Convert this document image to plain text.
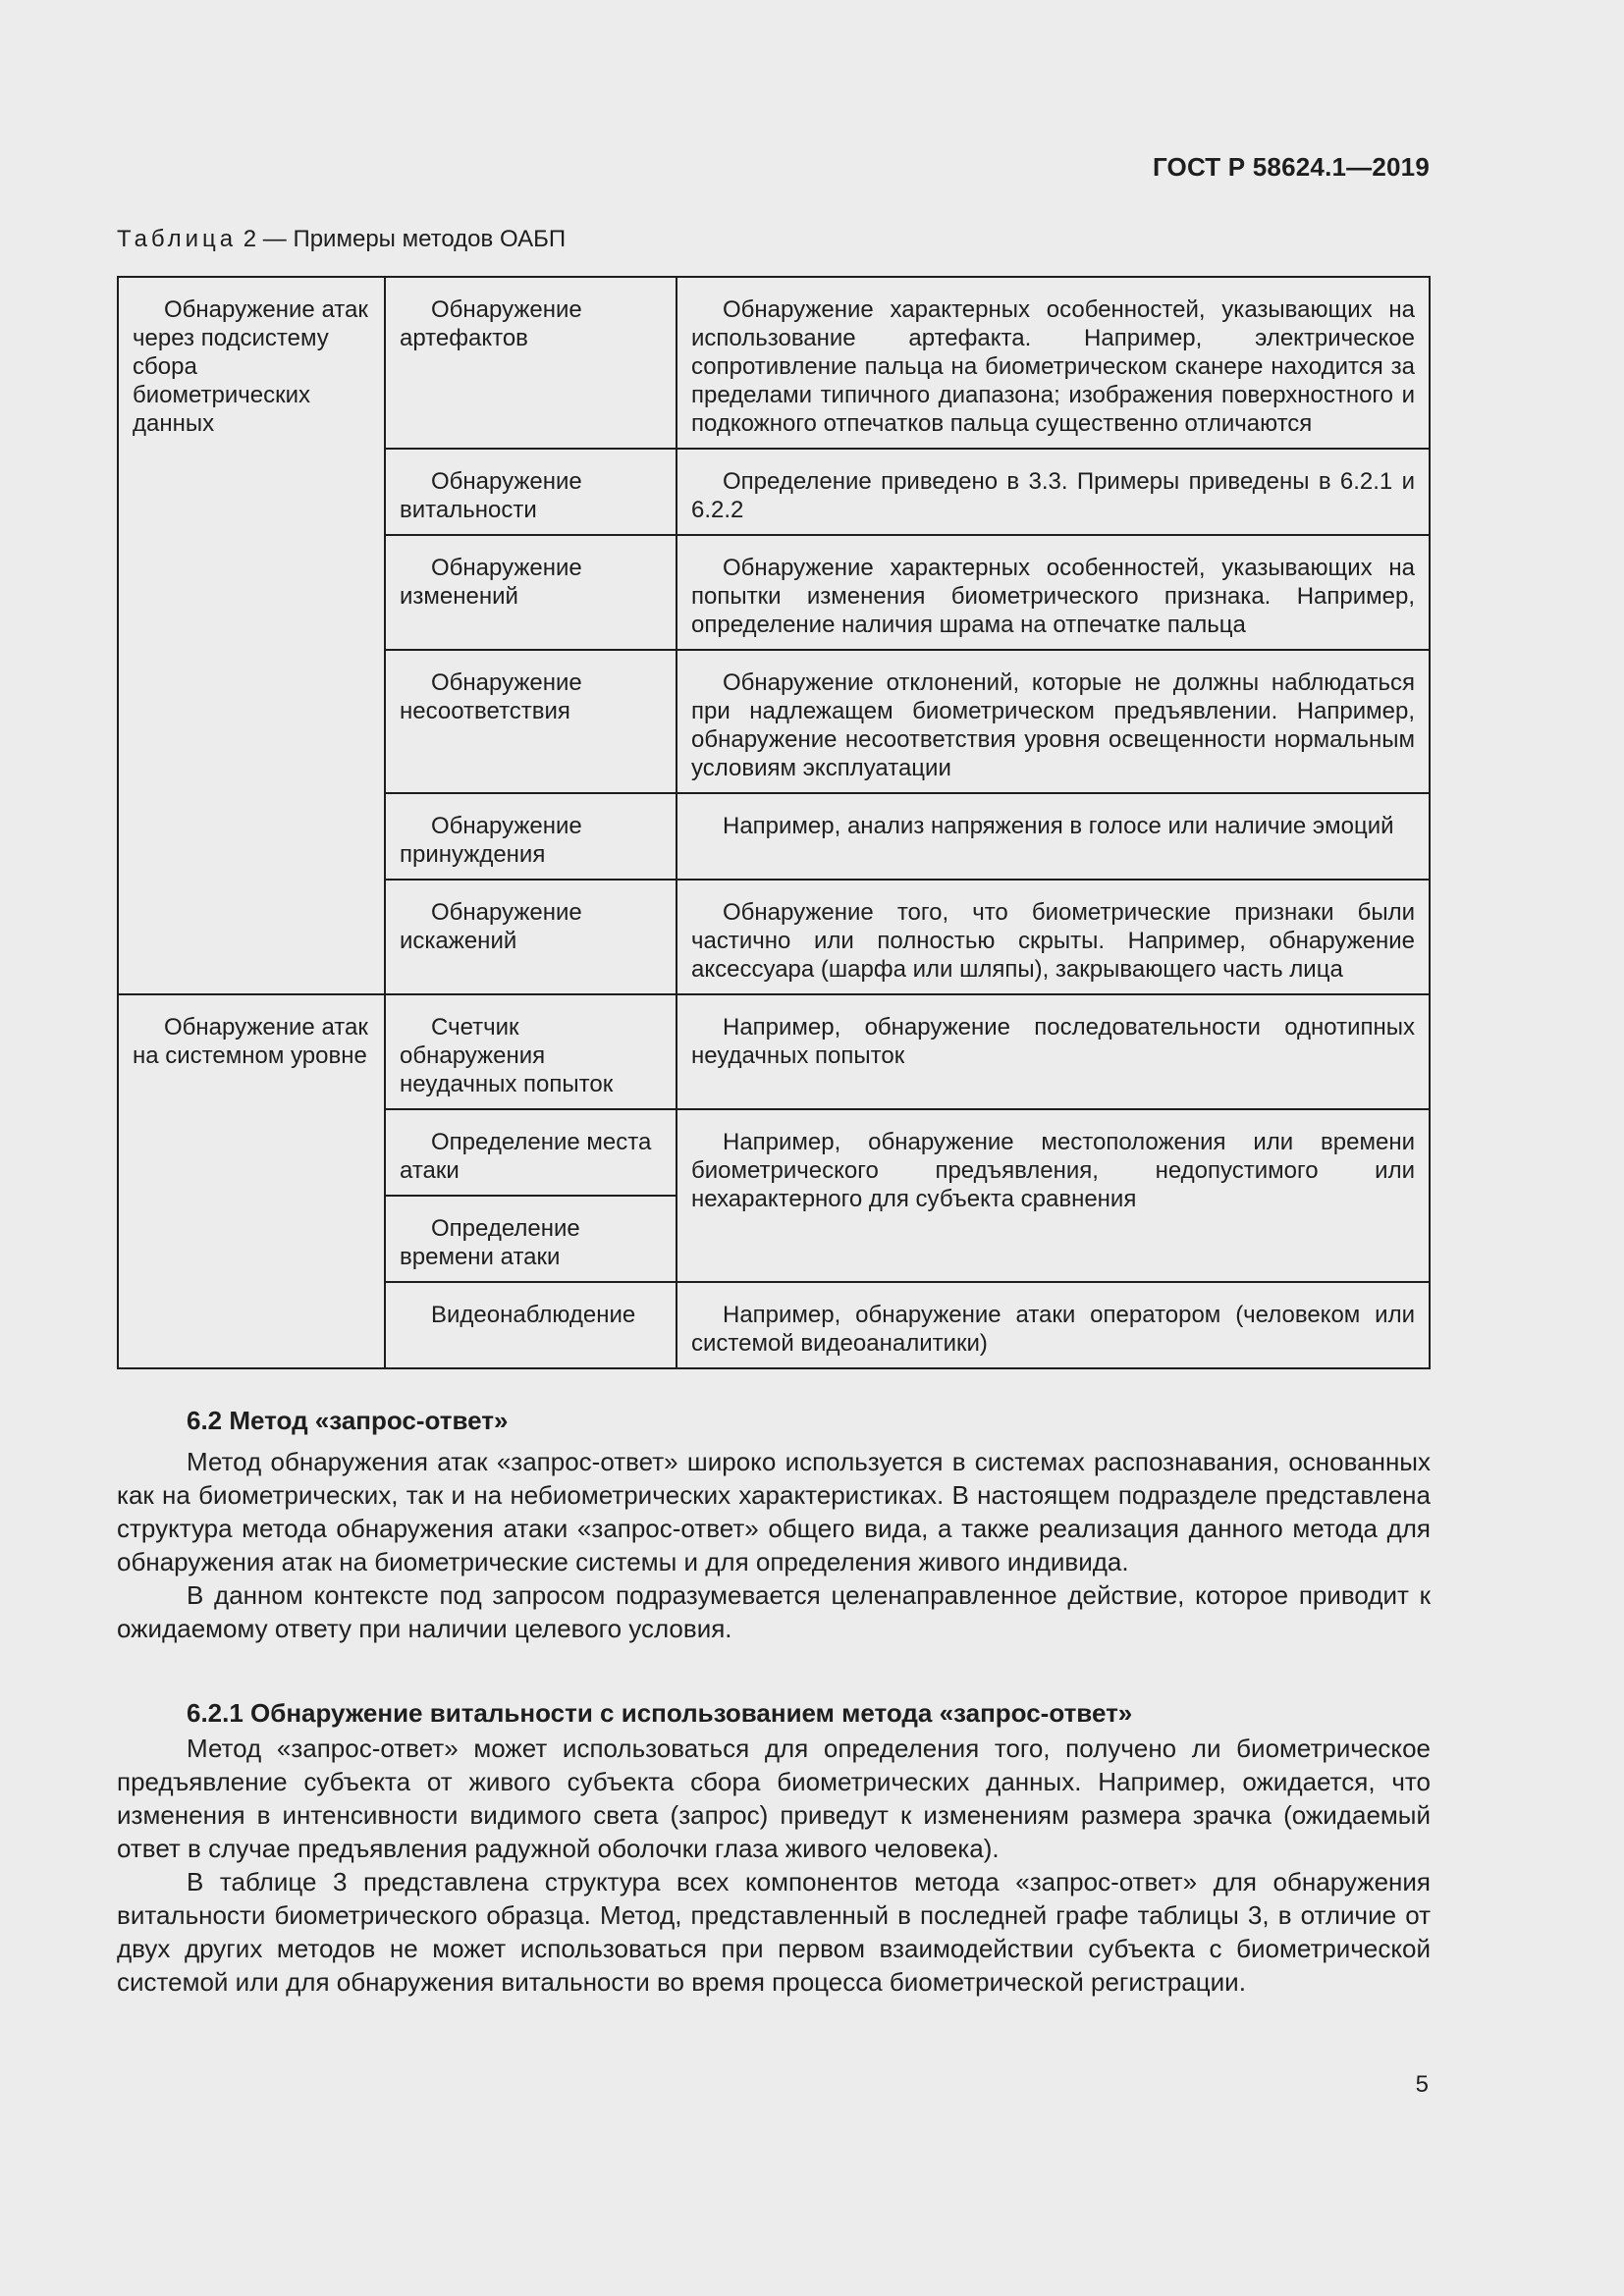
ГОСТ Р 58624.1—2019
Таблица 2 — Примеры методов ОАБП
Обнаружение атак через подсистему сбора биометрических данных	Обнаружение артефактов	Обнаружение характерных особенностей, указывающих на использование артефакта. Например, электрическое сопротивление пальца на биометрическом сканере находится за пределами типичного диапазона; изображения поверхностного и подкожного отпечатков пальца существенно отличаются

	Обнаружение витальности	Определение приведено в 3.3. Примеры приведены в 6.2.1 и 6.2.2

	Обнаружение изменений	Обнаружение характерных особенностей, указывающих на попытки изменения биометрического признака. Например, определение наличия шрама на отпечатке пальца

	Обнаружение несоответствия	Обнаружение отклонений, которые не должны наблюдаться при надлежащем биометрическом предъявлении. Например, обнаружение несоответствия уровня освещенности нормальным условиям эксплуатации

	Обнаружение принуждения	Например, анализ напряжения в голосе или наличие эмоций

	Обнаружение искажений	Обнаружение того, что биометрические признаки были частично или полностью скрыты. Например, обнаружение аксессуара (шарфа или шляпы), закрывающего часть лица

Обнаружение атак на системном уровне	Счетчик обнаружения неудачных попыток	Например, обнаружение последовательности однотипных неудачных попыток

	Определение места атаки	Например, обнаружение местоположения или времени биометрического предъявления, недопустимого или нехарактерного для субъекта сравнения

	Определение времени атаки	

	Видеонаблюдение	Например, обнаружение атаки оператором (человеком или системой видеоаналитики)
6.2 Метод «запрос-ответ»

Метод обнаружения атак «запрос-ответ» широко используется в системах распознавания, основанных как на биометрических, так и на небиометрических характеристиках. В настоящем подразделе представлена структура метода обнаружения атаки «запрос-ответ» общего вида, а также реализация данного метода для обнаружения атак на биометрические системы и для определения живого индивида.

В данном контексте под запросом подразумевается целенаправленное действие, которое приводит к ожидаемому ответу при наличии целевого условия.

6.2.1 Обнаружение витальности с использованием метода «запрос-ответ»

Метод «запрос-ответ» может использоваться для определения того, получено ли биометрическое предъявление субъекта от живого субъекта сбора биометрических данных. Например, ожидается, что изменения в интенсивности видимого света (запрос) приведут к изменениям размера зрачка (ожидаемый ответ в случае предъявления радужной оболочки глаза живого человека).

В таблице 3 представлена структура всех компонентов метода «запрос-ответ» для обнаружения витальности биометрического образца. Метод, представленный в последней графе таблицы 3, в отличие от двух других методов не может использоваться при первом взаимодействии субъекта с биометрической системой или для обнаружения витальности во время процесса биометрической регистрации.

5
